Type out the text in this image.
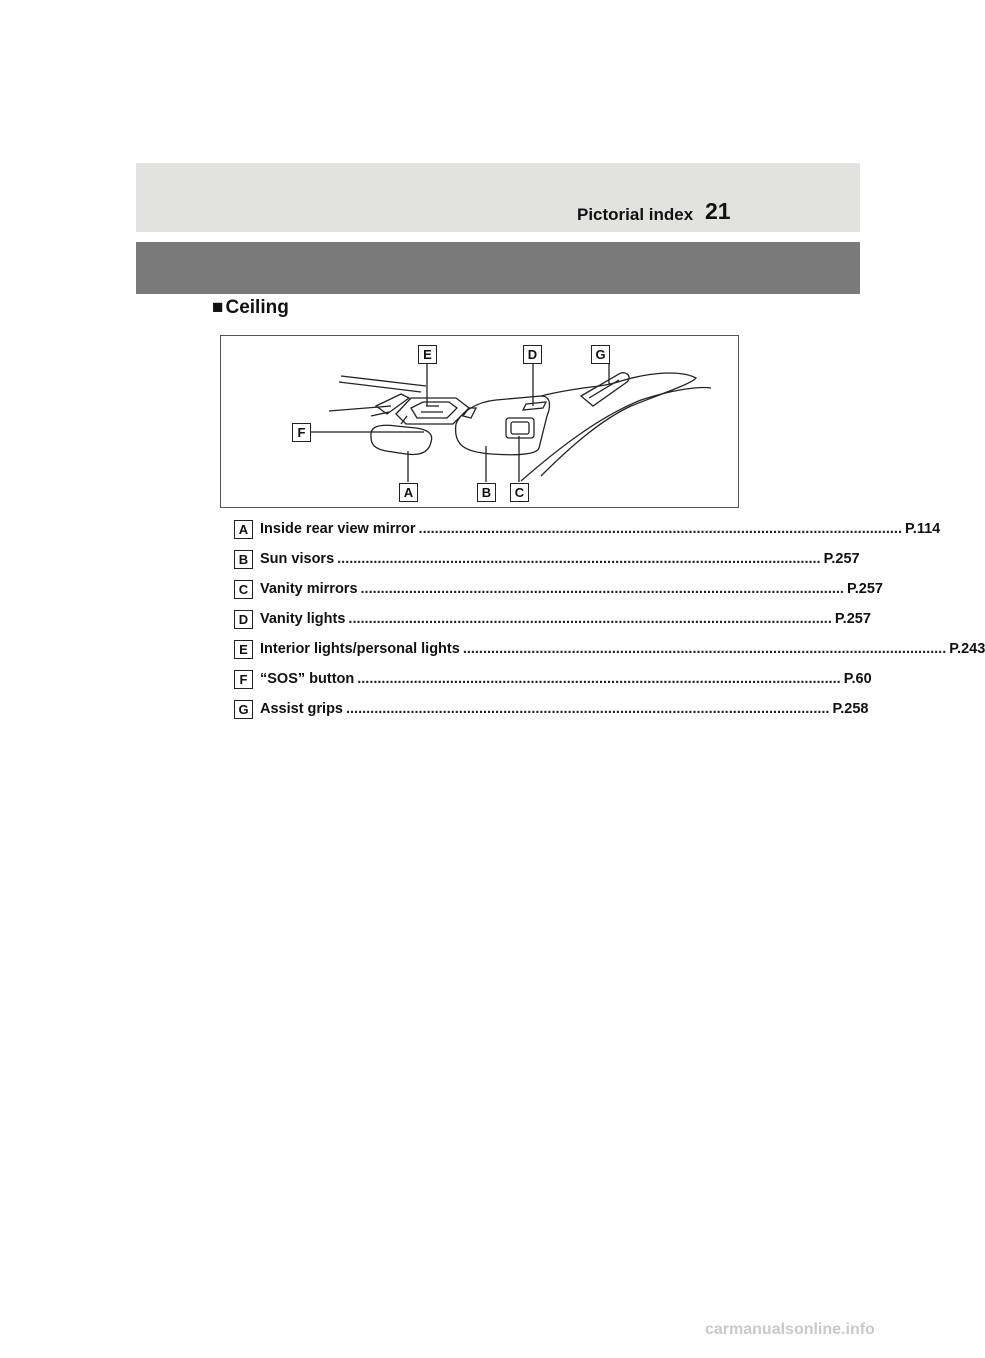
Pictorial index 21
■ Ceiling
E	D	G
F
A	B	C
A Inside rear view mirror ........................................................................................................................ P.114
B Sun visors ........................................................................................................................ P.257
C Vanity mirrors ........................................................................................................................ P.257
D Vanity lights ........................................................................................................................ P.257
E Interior lights/personal lights ........................................................................................................................ P.243
F “SOS” button ........................................................................................................................ P.60
G Assist grips ........................................................................................................................ P.258
carmanualsonline.info
